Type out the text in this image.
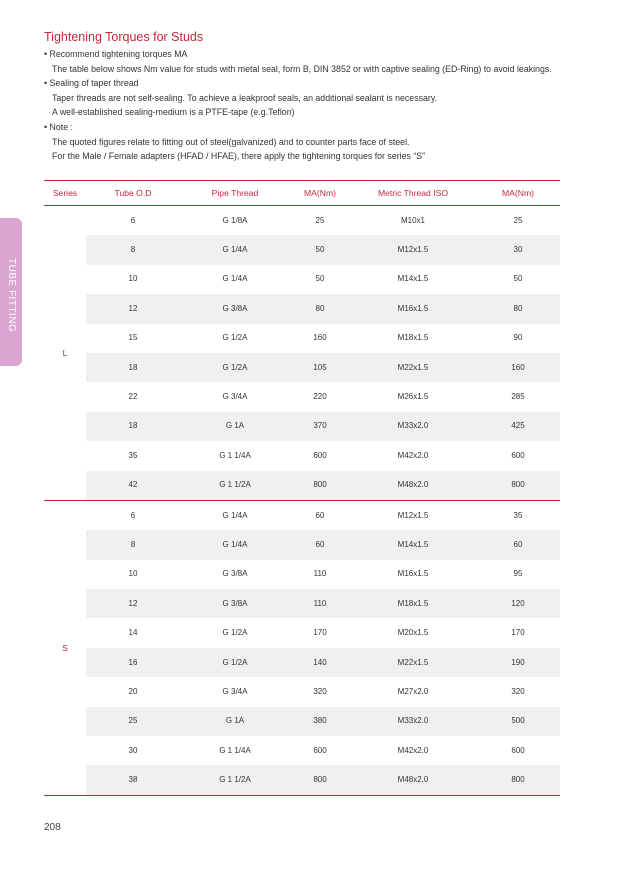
TUBE FITTING
Tightening Torques for Studs
• Recommend tightening torques MA
The table below shows Nm value for studs with metal seal, form B, DIN 3852 or with captive sealing (ED-Ring) to avoid leakings.
• Sealing of taper thread
Taper threads are not self-sealing. To achieve a leakproof seals, an additional sealant is necessary.
A well-established sealing-medium is a PTFE-tape (e.g.Teflon)
• Note :
The quoted figures relate to fitting out of steel(galvanized) and to counter parts face of steel.
For the Male / Female adapters (HFAD / HFAE), there apply the tightening torques for series “S”
Series	Tube O.D	Pipe Thread	MA(Nm)	Metric Thread ISO	MA(Nm)
L
6	G 1/8A	25	M10x1	25
8	G 1/4A	50	M12x1.5	30
10	G 1/4A	50	M14x1.5	50
12	G 3/8A	80	M16x1.5	80
15	G 1/2A	160	M18x1.5	90
18	G 1/2A	105	M22x1.5	160
22	G 3/4A	220	M26x1.5	285
18	G 1A	370	M33x2.0	425
35	G 1 1/4A	600	M42x2.0	600
42	G 1 1/2A	800	M48x2.0	800
S
6	G 1/4A	60	M12x1.5	35
8	G 1/4A	60	M14x1.5	60
10	G 3/8A	110	M16x1.5	95
12	G 3/8A	110	M18x1.5	120
14	G 1/2A	170	M20x1.5	170
16	G 1/2A	140	M22x1.5	190
20	G 3/4A	320	M27x2.0	320
25	G 1A	380	M33x2.0	500
30	G 1 1/4A	600	M42x2.0	600
38	G 1 1/2A	800	M48x2.0	800
208
